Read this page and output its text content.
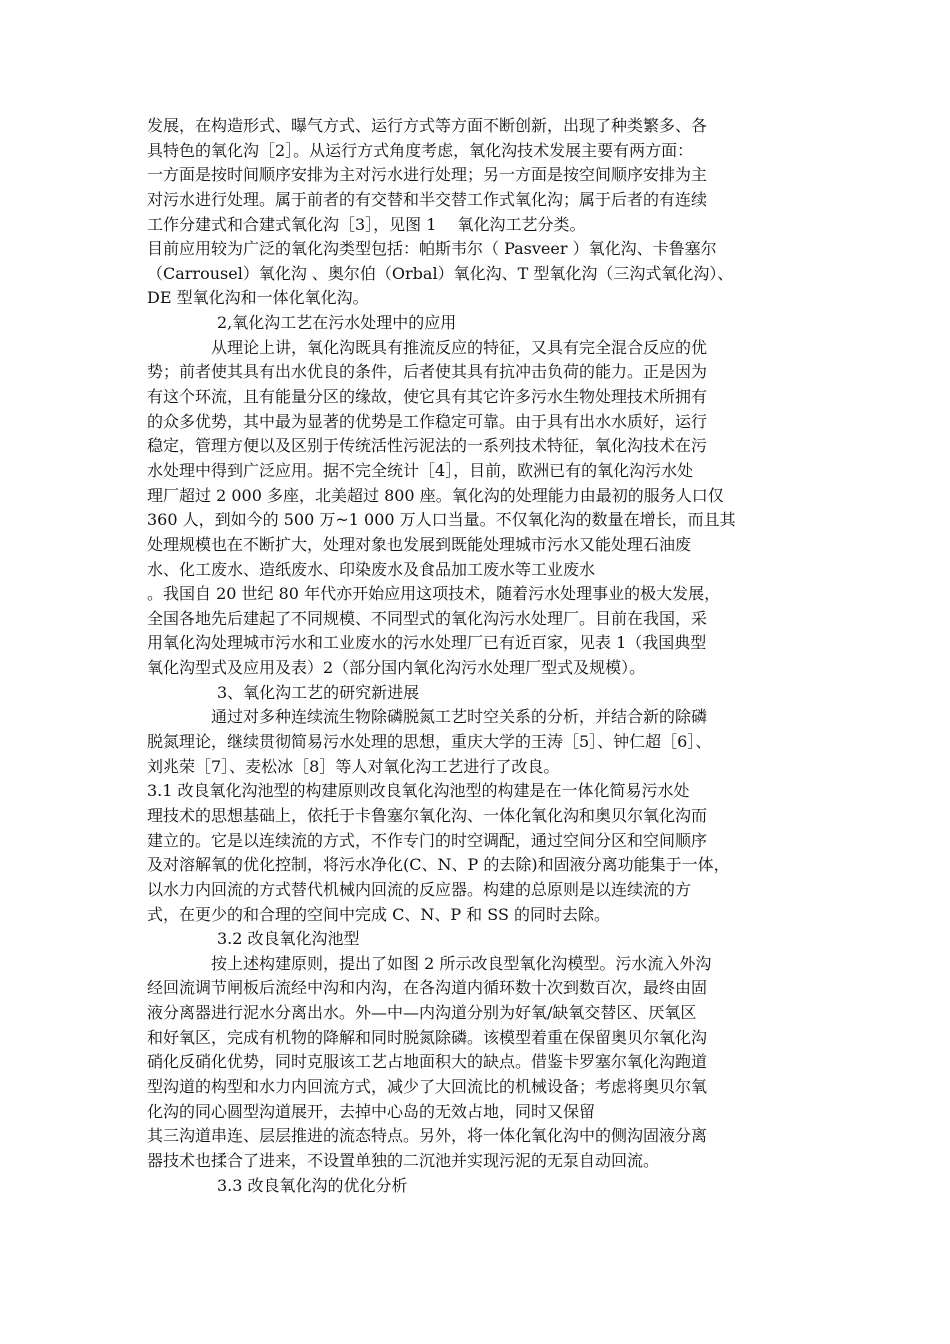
发展，在构造形式、曝气方式、运行方式等方面不断创新，出现了种类繁多、各
具特色的氧化沟［2］。从运行方式角度考虑，氧化沟技术发展主要有两方面：
一方面是按时间顺序安排为主对污水进行处理；另一方面是按空间顺序安排为主
对污水进行处理。属于前者的有交替和半交替工作式氧化沟；属于后者的有连续
工作分建式和合建式氧化沟［3］，见图 1　 氧化沟工艺分类。
目前应用较为广泛的氧化沟类型包括：帕斯韦尔（ Pasveer ）氧化沟、卡鲁塞尔
（Carrousel）氧化沟 、奥尔伯（Orbal）氧化沟、T 型氧化沟（三沟式氧化沟）、
DE 型氧化沟和一体化氧化沟。
2,氧化沟工艺在污水处理中的应用
从理论上讲，氧化沟既具有推流反应的特征，又具有完全混合反应的优
势；前者使其具有出水优良的条件，后者使其具有抗冲击负荷的能力。正是因为
有这个环流，且有能量分区的缘故，使它具有其它许多污水生物处理技术所拥有
的众多优势，其中最为显著的优势是工作稳定可靠。由于具有出水水质好，运行
稳定，管理方便以及区别于传统活性污泥法的一系列技术特征，氧化沟技术在污
水处理中得到广泛应用。据不完全统计［4］，目前，欧洲已有的氧化沟污水处
理厂超过 2 000 多座，北美超过 800 座。氧化沟的处理能力由最初的服务人口仅
360 人，到如今的 500 万~1 000 万人口当量。不仅氧化沟的数量在增长，而且其
处理规模也在不断扩大，处理对象也发展到既能处理城市污水又能处理石油废
水、化工废水、造纸废水、印染废水及食品加工废水等工业废水
。我国自 20 世纪 80 年代亦开始应用这项技术，随着污水处理事业的极大发展，
全国各地先后建起了不同规模、不同型式的氧化沟污水处理厂。目前在我国，采
用氧化沟处理城市污水和工业废水的污水处理厂已有近百家，见表 1（我国典型
氧化沟型式及应用及表）2（部分国内氧化沟污水处理厂型式及规模）。
3、氧化沟工艺的研究新进展
通过对多种连续流生物除磷脱氮工艺时空关系的分析，并结合新的除磷
脱氮理论，继续贯彻简易污水处理的思想，重庆大学的王涛［5］、钟仁超［6］、
刘兆荣［7］、麦松冰［8］等人对氧化沟工艺进行了改良。
3.1 改良氧化沟池型的构建原则改良氧化沟池型的构建是在一体化简易污水处
理技术的思想基础上，依托于卡鲁塞尔氧化沟、一体化氧化沟和奥贝尔氧化沟而
建立的。它是以连续流的方式，不作专门的时空调配，通过空间分区和空间顺序
及对溶解氧的优化控制，将污水净化(C、N、P 的去除)和固液分离功能集于一体，
以水力内回流的方式替代机械内回流的反应器。构建的总原则是以连续流的方
式，在更少的和合理的空间中完成 C、N、P 和 SS 的同时去除。
3.2 改良氧化沟池型
按上述构建原则，提出了如图 2 所示改良型氧化沟模型。污水流入外沟
经回流调节闸板后流经中沟和内沟，在各沟道内循环数十次到数百次，最终由固
液分离器进行泥水分离出水。外—中—内沟道分别为好氧/缺氧交替区、厌氧区
和好氧区，完成有机物的降解和同时脱氮除磷。该模型着重在保留奥贝尔氧化沟
硝化反硝化优势，同时克服该工艺占地面积大的缺点。借鉴卡罗塞尔氧化沟跑道
型沟道的构型和水力内回流方式，减少了大回流比的机械设备；考虑将奥贝尔氧
化沟的同心圆型沟道展开，去掉中心岛的无效占地，同时又保留
其三沟道串连、层层推进的流态特点。另外，将一体化氧化沟中的侧沟固液分离
器技术也揉合了进来，不设置单独的二沉池并实现污泥的无泵自动回流。
3.3 改良氧化沟的优化分析
